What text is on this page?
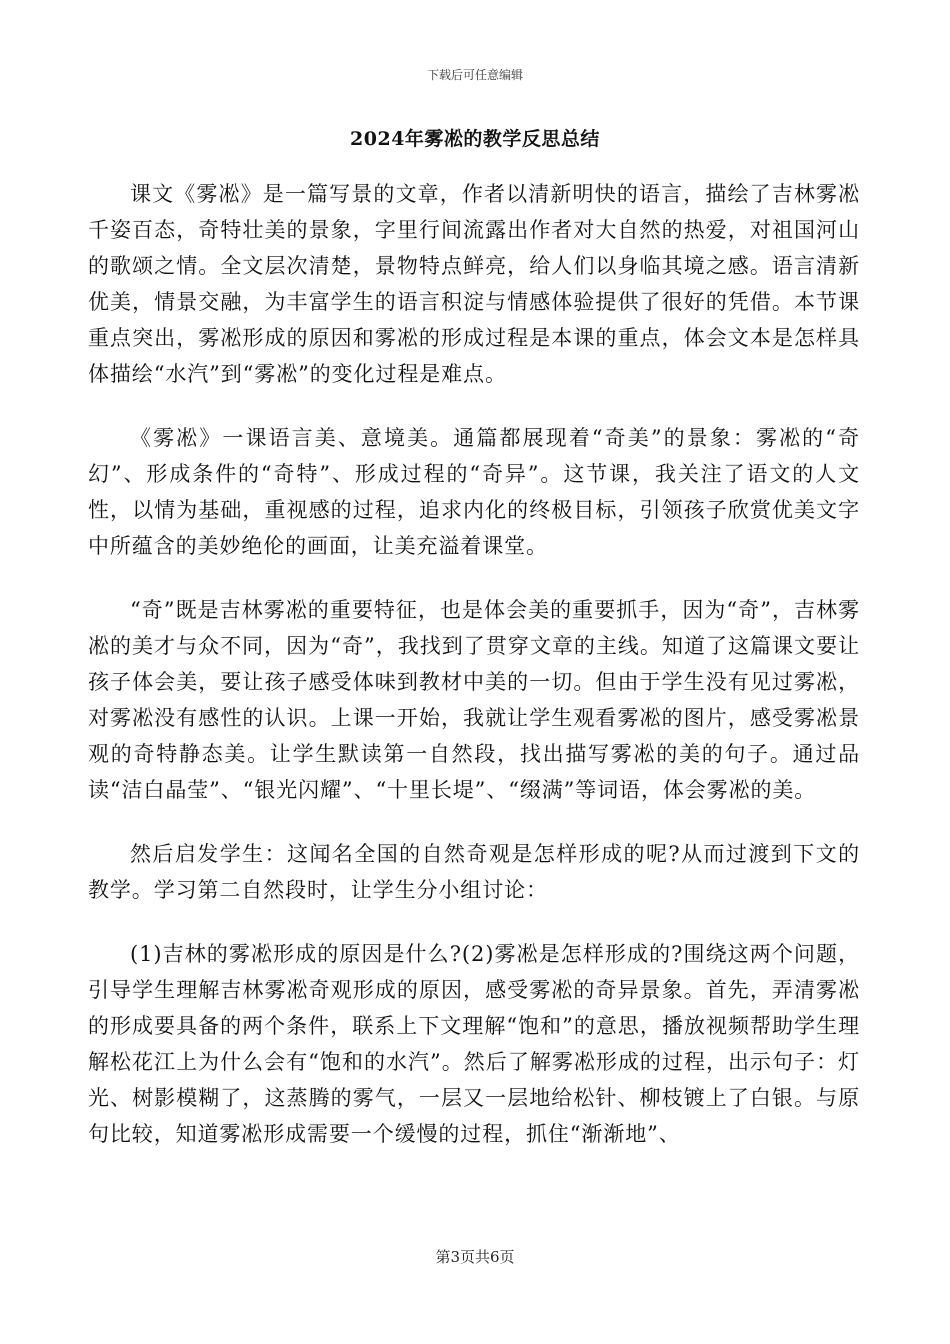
下载后可任意编辑
2024年雾凇的教学反思总结

课文《雾凇》是一篇写景的文章，作者以清新明快的语言，描绘了吉林雾凇千姿百态，奇特壮美的景象，字里行间流露出作者对大自然的热爱，对祖国河山的歌颂之情。全文层次清楚，景物特点鲜亮，给人们以身临其境之感。语言清新优美，情景交融，为丰富学生的语言积淀与情感体验提供了很好的凭借。本节课重点突出，雾凇形成的原因和雾凇的形成过程是本课的重点，体会文本是怎样具体描绘“水汽”到“雾凇”的变化过程是难点。

《雾凇》一课语言美、意境美。通篇都展现着“奇美”的景象：雾凇的“奇幻”、形成条件的“奇特”、形成过程的“奇异”。这节课，我关注了语文的人文性，以情为基础，重视感的过程，追求内化的终极目标，引领孩子欣赏优美文字中所蕴含的美妙绝伦的画面，让美充溢着课堂。

“奇”既是吉林雾凇的重要特征，也是体会美的重要抓手，因为“奇”，吉林雾凇的美才与众不同，因为“奇”，我找到了贯穿文章的主线。知道了这篇课文要让孩子体会美，要让孩子感受体味到教材中美的一切。但由于学生没有见过雾凇，对雾凇没有感性的认识。上课一开始，我就让学生观看雾凇的图片，感受雾凇景观的奇特静态美。让学生默读第一自然段，找出描写雾凇的美的句子。通过品读“洁白晶莹”、“银光闪耀”、“十里长堤”、“缀满”等词语，体会雾凇的美。

然后启发学生：这闻名全国的自然奇观是怎样形成的呢?从而过渡到下文的教学。学习第二自然段时，让学生分小组讨论：

(1)吉林的雾凇形成的原因是什么?(2)雾凇是怎样形成的?围绕这两个问题，引导学生理解吉林雾凇奇观形成的原因，感受雾凇的奇异景象。首先，弄清雾凇的形成要具备的两个条件，联系上下文理解“饱和”的意思，播放视频帮助学生理解松花江上为什么会有“饱和的水汽”。然后了解雾凇形成的过程，出示句子：灯光、树影模糊了，这蒸腾的雾气，一层又一层地给松针、柳枝镀上了白银。与原句比较，知道雾凇形成需要一个缓慢的过程，抓住“渐渐地”、

第3页共6页
